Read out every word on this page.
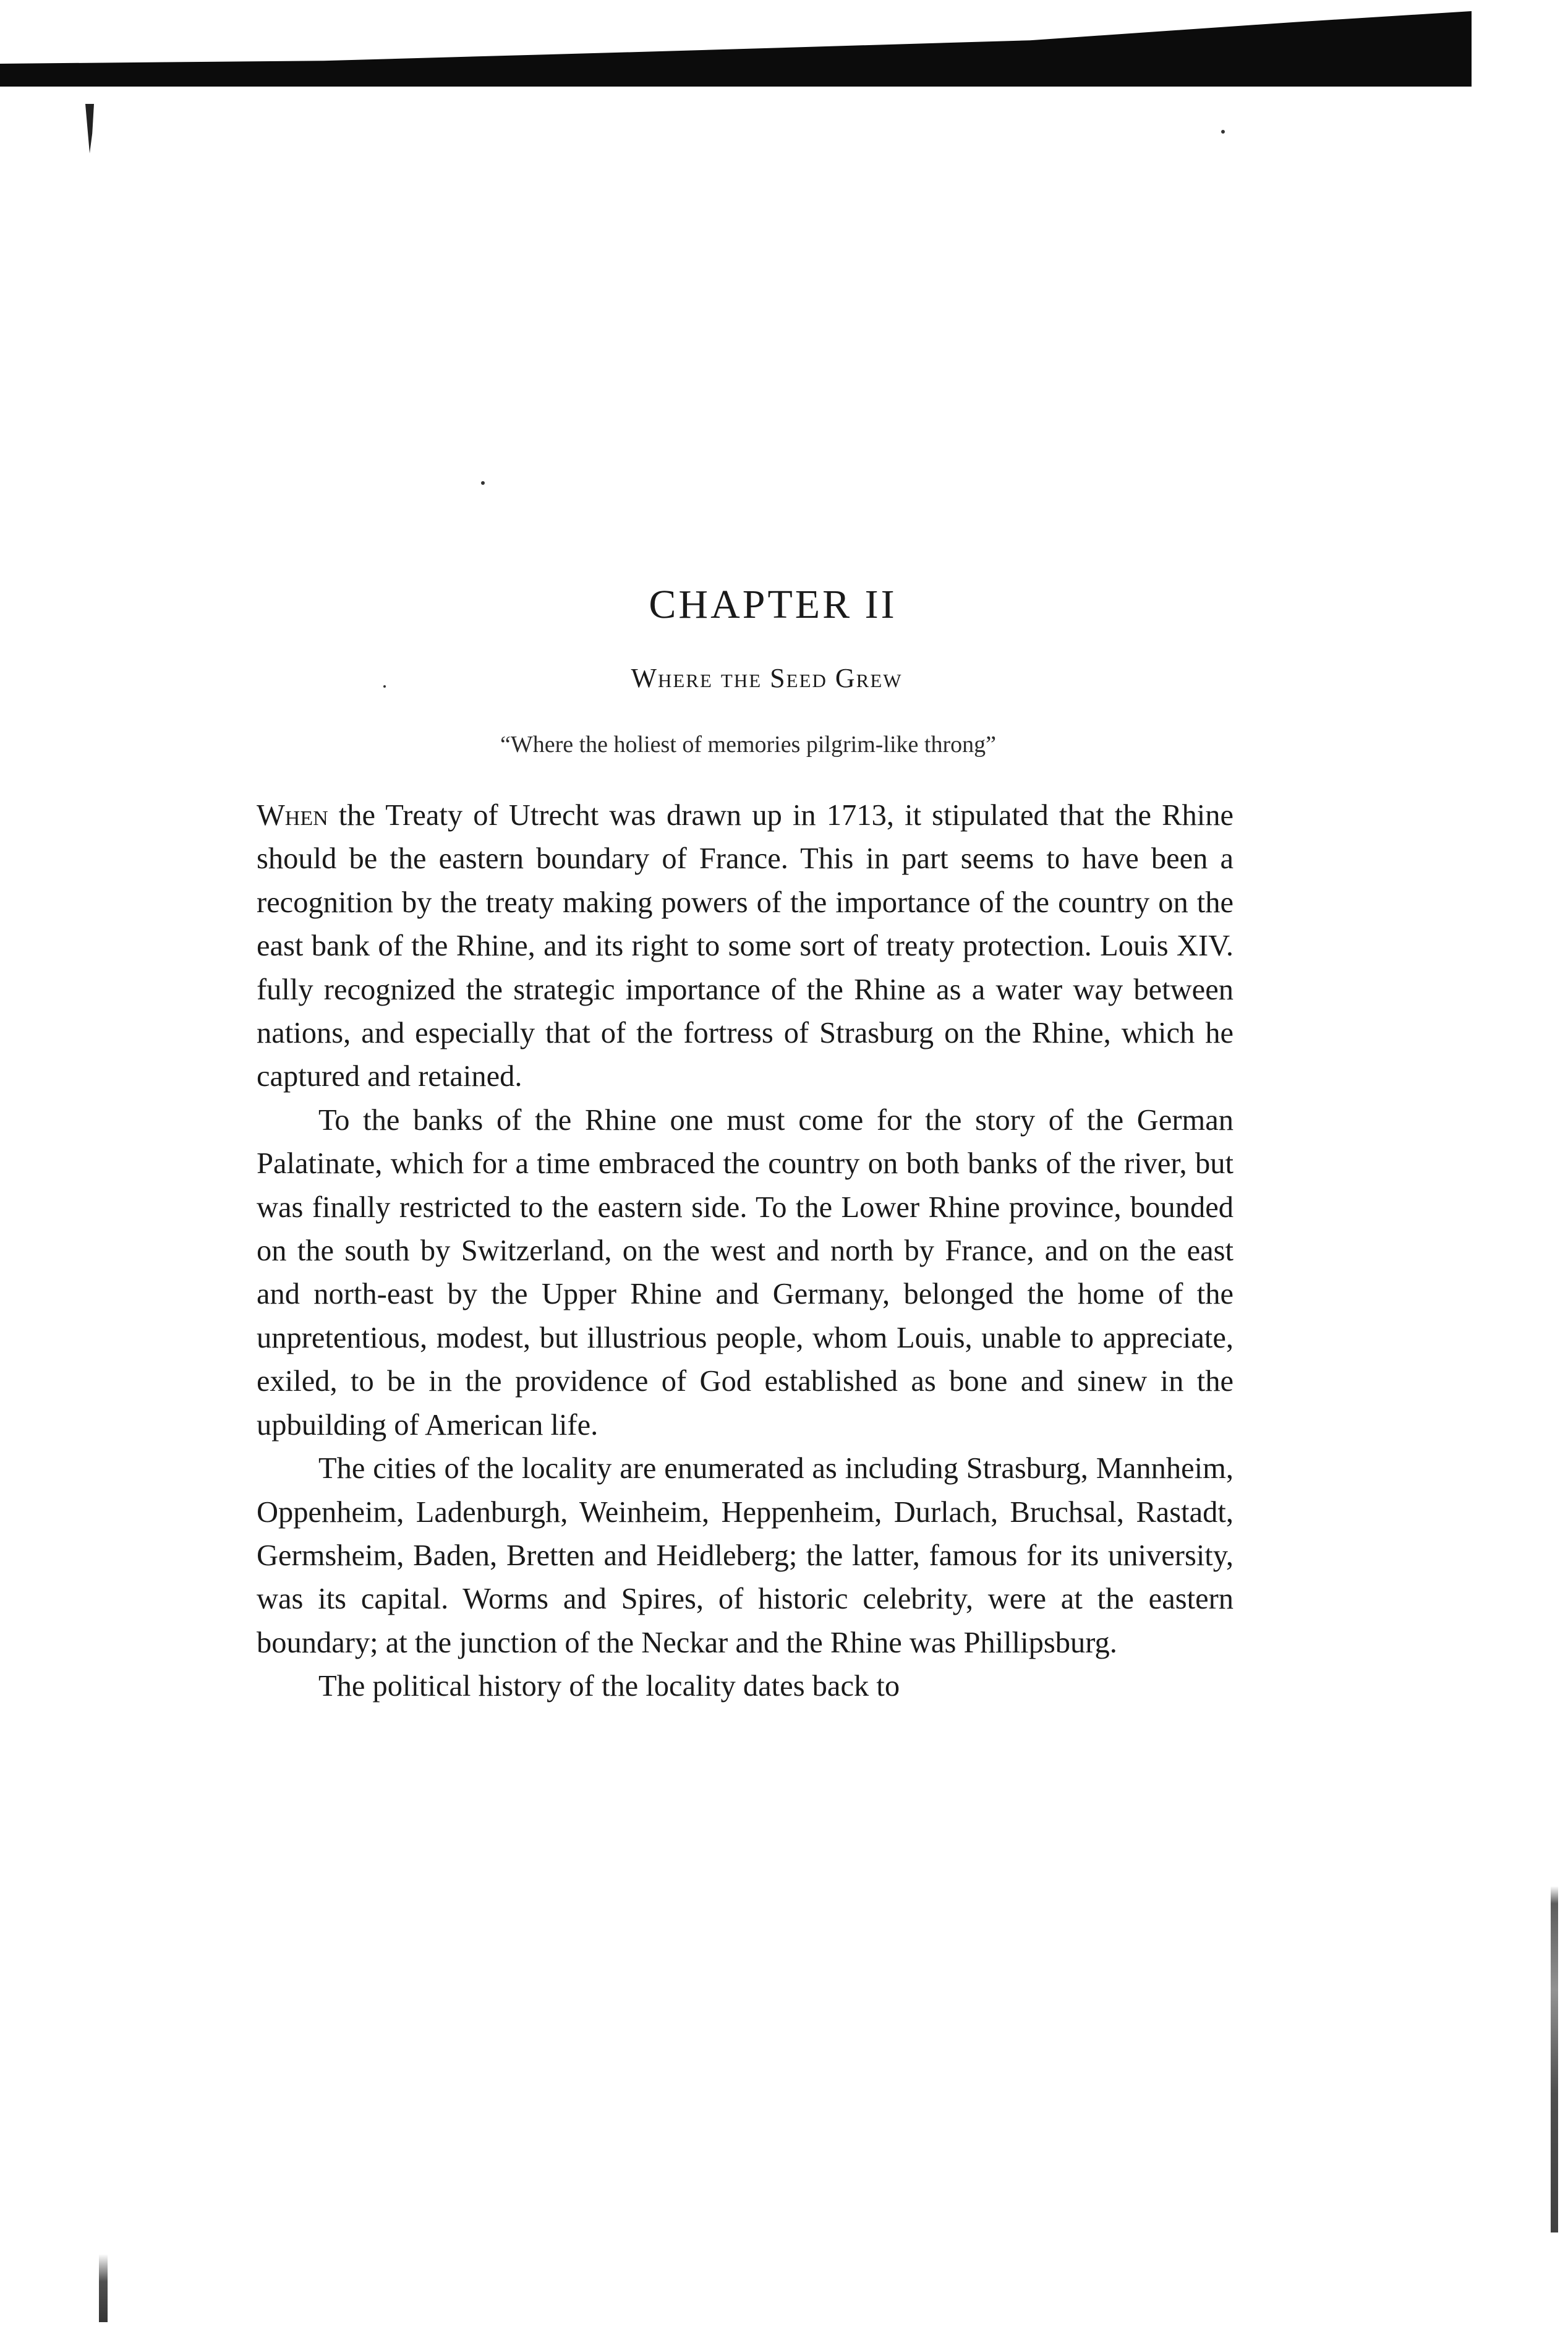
CHAPTER II
Where the Seed Grew
“Where the holiest of memories pilgrim-like throng”

When the Treaty of Utrecht was drawn up in 1713, it stipulated that the Rhine should be the eastern boundary of France. This in part seems to have been a recognition by the treaty making powers of the importance of the country on the east bank of the Rhine, and its right to some sort of treaty protection. Louis XIV. fully recognized the strategic importance of the Rhine as a water way between nations, and especially that of the fortress of Strasburg on the Rhine, which he captured and retained.

To the banks of the Rhine one must come for the story of the German Palatinate, which for a time embraced the country on both banks of the river, but was finally restricted to the eastern side. To the Lower Rhine province, bounded on the south by Switzerland, on the west and north by France, and on the east and north-east by the Upper Rhine and Germany, belonged the home of the unpretentious, modest, but illustrious people, whom Louis, unable to appreciate, exiled, to be in the providence of God established as bone and sinew in the upbuilding of American life.

The cities of the locality are enumerated as including Strasburg, Mannheim, Oppenheim, Ladenburgh, Weinheim, Heppenheim, Durlach, Bruchsal, Rastadt, Germsheim, Baden, Bretten and Heidleberg; the latter, famous for its university, was its capital. Worms and Spires, of historic celebrity, were at the eastern boundary; at the junction of the Neckar and the Rhine was Phillipsburg.

The political history of the locality dates back to
